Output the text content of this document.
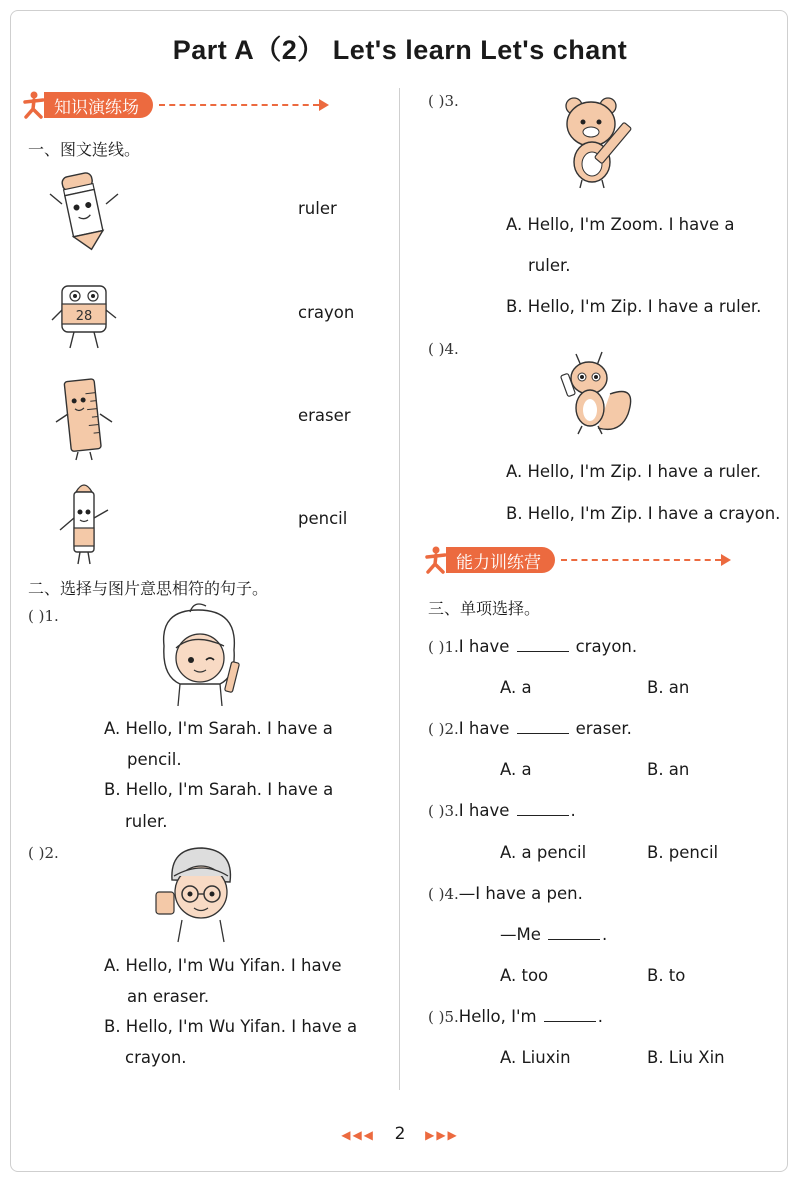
Part A（2） Let's learn Let's chant
知识演练场
一、图文连线。
ruler
28	crayon
eraser
pencil
二、选择与图片意思相符的句子。
( )1.
A. Hello, I'm Sarah. I have a
pencil.
B. Hello, I'm Sarah. I have a
ruler.
( )2.
A. Hello, I'm Wu Yifan. I have
an eraser.
B. Hello, I'm Wu Yifan. I have a
crayon.
( )3.
A. Hello, I'm Zoom. I have a
ruler.
B. Hello, I'm Zip. I have a ruler.
( )4.
A. Hello, I'm Zip. I have a ruler.
B. Hello, I'm Zip. I have a crayon.
能力训练营
三、单项选择。
( )1.I have	crayon.
A. a	B. an
( )2.I have	eraser.
A. a	B. an
( )3.I have	.
A. a pencil	B. pencil
( )4.—I have a pen.
—Me	.
A. too	B. to
( )5.Hello, I'm	.
A. Liuxin	B. Liu Xin
◀◀◀ 2 ▶▶▶
